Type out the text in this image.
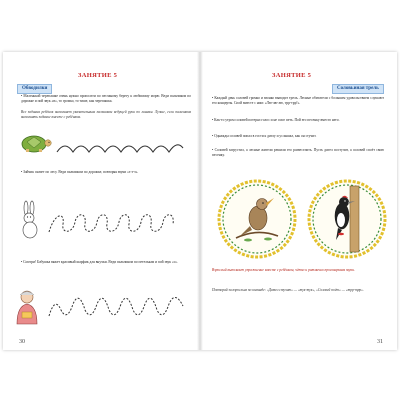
ЗАНЯТИЕ 5
Обводилки

• Маленькой черепашке очень нужно проползти по песчаному берегу к любимому морю. Веди пальчиком по дорожке и пой звук «в», то громко, то тише, как черепашка.

Все задания ребёнок выполняет указательным пальчиком ведущей руки по линиям. Лучше, если пальчиком выполнять задание вместе с ребёнком.

• Зайчик скачет по лесу. Веди пальчиком по дорожке, повторяя звуки «з-з-з».

• Смотри! Бабушка вяжет красивый шарфик для внучки. Веди пальчиком по петелькам и пой звук «с».

30
ЗАНЯТИЕ 5
Соловьиная трель

• Каждый день соловей громко и звонко выводит трель. Лесные обитатели с большим удовольствием слушают его концерты. Спой вместе с ним: «Лю-лю-лю, трр-трр!».

• Как-то утром соловей потерял голос и не смог петь. Пой его песенку вместо него.

• Однажды соловей попал в гости к дятлу и услышал, как он стучит.

• Соловей загрустил, а лесные жители решили его развеселить. Пусть дятел постучит, а соловей споёт свою песенку.

Взрослый выполняет упражнение вместе с ребёнком, чётко и ритмично проговаривая звуки.

Повторяй за взрослым по команде: «Дятел стучит» — «тук-тук», «Соловей поёт» — «трр-трр».

31
